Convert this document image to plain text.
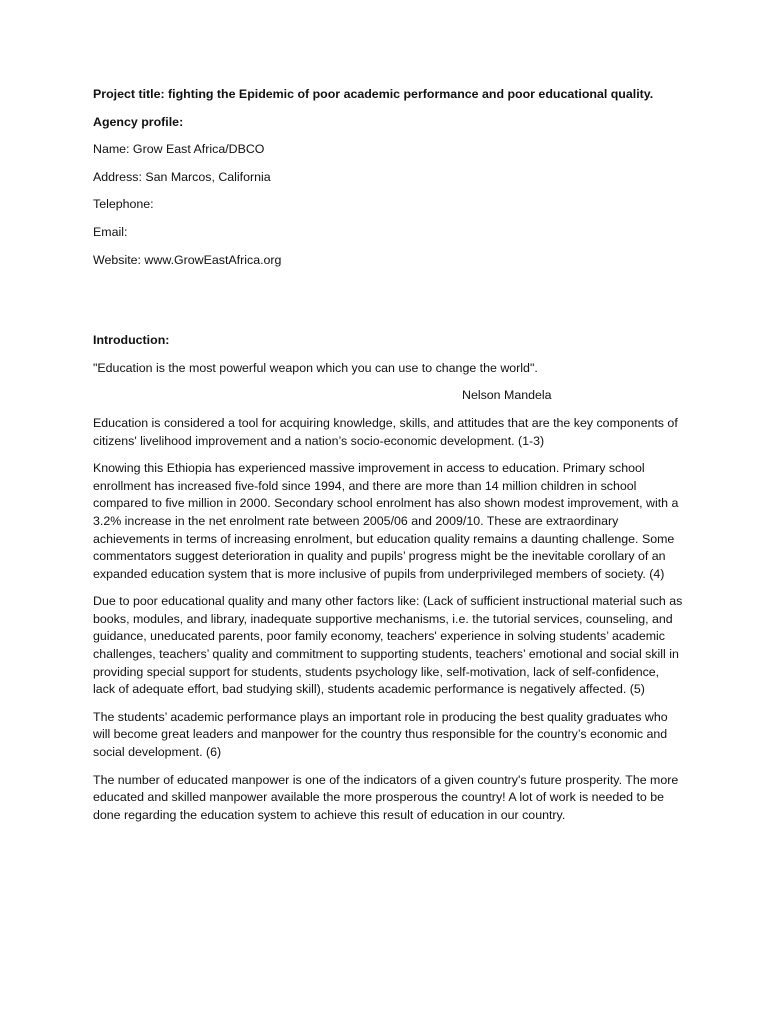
Project title: fighting the Epidemic of poor academic performance and poor educational quality.

Agency profile:

Name: Grow East Africa/DBCO

Address: San Marcos, California

Telephone:

Email:

Website: www.GrowEastAfrica.org

Introduction:

"Education is the most powerful weapon which you can use to change the world".

Nelson Mandela

Education is considered a tool for acquiring knowledge, skills, and attitudes that are the key components of citizens' livelihood improvement and a nation’s socio-economic development. (1-3)

Knowing this Ethiopia has experienced massive improvement in access to education. Primary school enrollment has increased five-fold since 1994, and there are more than 14 million children in school compared to five million in 2000. Secondary school enrolment has also shown modest improvement, with a 3.2% increase in the net enrolment rate between 2005/06 and 2009/10. These are extraordinary achievements in terms of increasing enrolment, but education quality remains a daunting challenge. Some commentators suggest deterioration in quality and pupils’ progress might be the inevitable corollary of an expanded education system that is more inclusive of pupils from underprivileged members of society. (4)

Due to poor educational quality and many other factors like: (Lack of sufficient instructional material such as books, modules, and library, inadequate supportive mechanisms, i.e. the tutorial services, counseling, and guidance, uneducated parents, poor family economy, teachers' experience in solving students’ academic challenges, teachers’ quality and commitment to supporting students, teachers’ emotional and social skill in providing special support for students, students psychology like, self-motivation, lack of self-confidence, lack of adequate effort, bad studying skill), students academic performance is negatively affected. (5)

The students’ academic performance plays an important role in producing the best quality graduates who will become great leaders and manpower for the country thus responsible for the country’s economic and social development. (6)

The number of educated manpower is one of the indicators of a given country's future prosperity. The more educated and skilled manpower available the more prosperous the country! A lot of work is needed to be done regarding the education system to achieve this result of education in our country.
